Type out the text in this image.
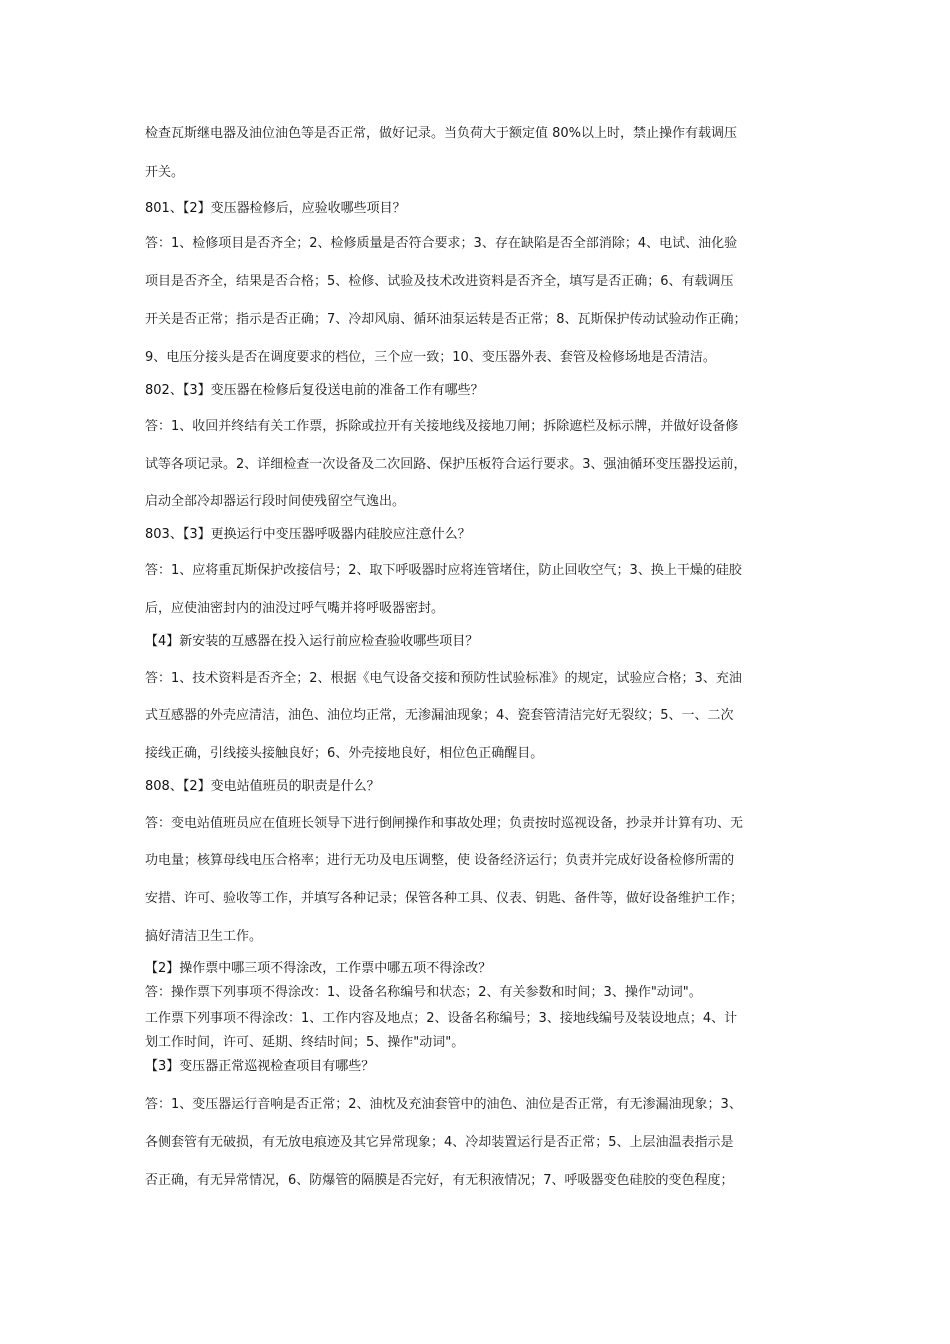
检查瓦斯继电器及油位油色等是否正常，做好记录。当负荷大于额定值 80%以上时，禁止操作有载调压

开关。

801、【2】变压器检修后，应验收哪些项目？

答：1、检修项目是否齐全；2、检修质量是否符合要求；3、存在缺陷是否全部消除；4、电试、油化验

项目是否齐全，结果是否合格；5、检修、试验及技术改进资料是否齐全，填写是否正确；6、有载调压

开关是否正常；指示是否正确；7、冷却风扇、循环油泵运转是否正常；8、瓦斯保护传动试验动作正确；

9、电压分接头是否在调度要求的档位，三个应一致；10、变压器外表、套管及检修场地是否清洁。

802、【3】变压器在检修后复役送电前的准备工作有哪些？

答：1、收回并终结有关工作票，拆除或拉开有关接地线及接地刀闸；拆除遮栏及标示牌，并做好设备修

试等各项记录。2、详细检查一次设备及二次回路、保护压板符合运行要求。3、强油循环变压器投运前，

启动全部冷却器运行段时间使残留空气逸出。

803、【3】更换运行中变压器呼吸器内硅胶应注意什么？

答：1、应将重瓦斯保护改接信号；2、取下呼吸器时应将连管堵住，防止回收空气；3、换上干燥的硅胶

后，应使油密封内的油没过呼气嘴并将呼吸器密封。

【4】新安装的互感器在投入运行前应检查验收哪些项目？

答：1、技术资料是否齐全；2、根据《电气设备交接和预防性试验标准》的规定，试验应合格；3、充油

式互感器的外壳应清洁，油色、油位均正常，无渗漏油现象；4、瓷套管清洁完好无裂纹；5、一、二次

接线正确，引线接头接触良好；6、外壳接地良好，相位色正确醒目。

808、【2】变电站值班员的职责是什么？

答：变电站值班员应在值班长领导下进行倒闸操作和事故处理；负责按时巡视设备，抄录并计算有功、无

功电量；核算母线电压合格率；进行无功及电压调整，使 设备经济运行；负责并完成好设备检修所需的

安措、许可、验收等工作，并填写各种记录；保管各种工具、仪表、钥匙、备件等，做好设备维护工作；

搞好清洁卫生工作。

【2】操作票中哪三项不得涂改，工作票中哪五项不得涂改？

答：操作票下列事项不得涂改：1、设备名称编号和状态；2、有关参数和时间；3、操作"动词"。

工作票下列事项不得涂改：1、工作内容及地点；2、设备名称编号；3、接地线编号及装设地点；4、计

划工作时间，许可、延期、终结时间；5、操作"动词"。

【3】变压器正常巡视检查项目有哪些？

答：1、变压器运行音响是否正常；2、油枕及充油套管中的油色、油位是否正常，有无渗漏油现象；3、

各侧套管有无破损，有无放电痕迹及其它异常现象；4、冷却装置运行是否正常；5、上层油温表指示是

否正确，有无异常情况，6、防爆管的隔膜是否完好，有无积液情况；7、呼吸器变色硅胶的变色程度；
